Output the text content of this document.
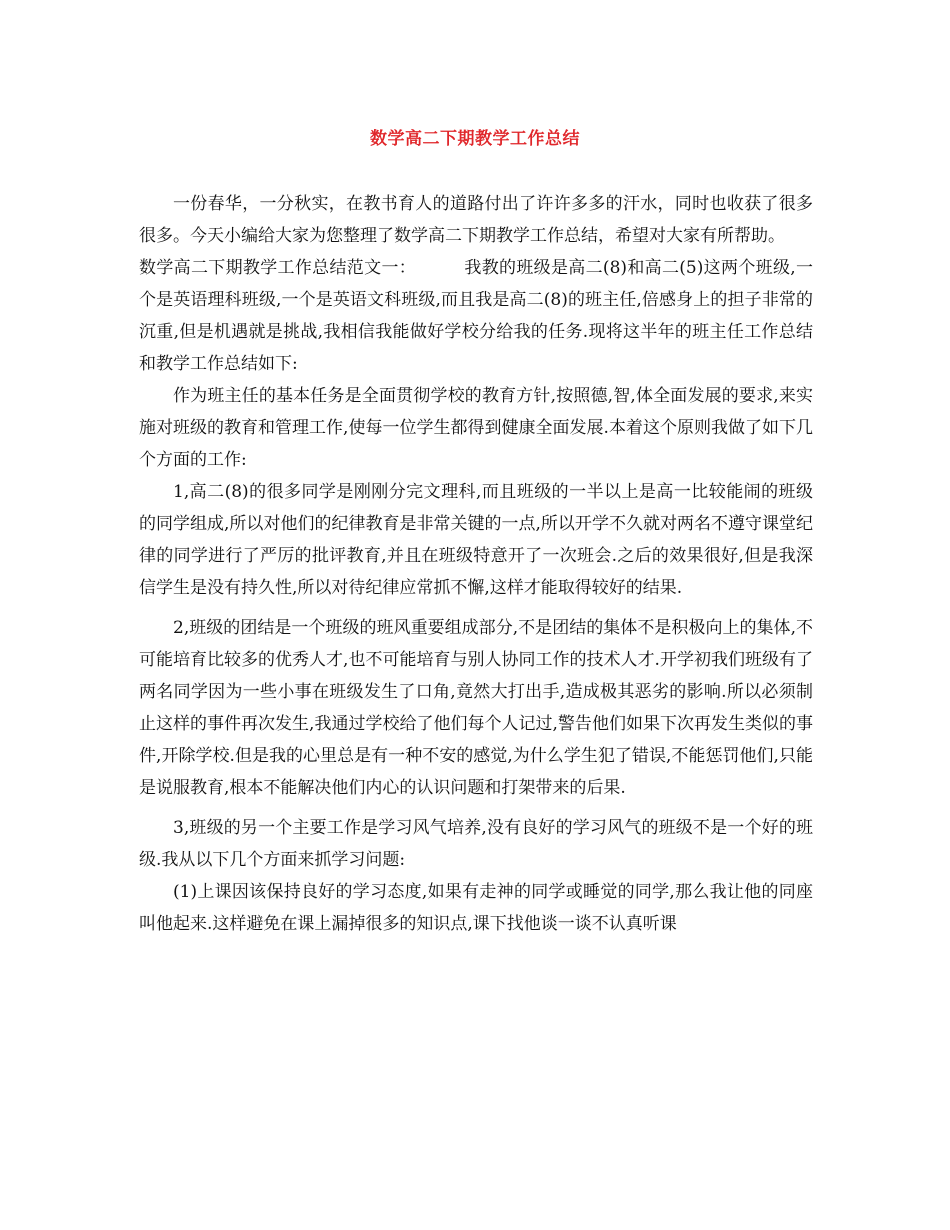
数学高二下期教学工作总结

一份春华，一分秋实，在教书育人的道路付出了许许多多的汗水，同时也收获了很多很多。今天小编给大家为您整理了数学高二下期教学工作总结，希望对大家有所帮助。

数学高二下期教学工作总结范文一：	我教的班级是高二(8)和高二(5)这两个班级,一个是英语理科班级,一个是英语文科班级,而且我是高二(8)的班主任,倍感身上的担子非常的沉重,但是机遇就是挑战,我相信我能做好学校分给我的任务.现将这半年的班主任工作总结和教学工作总结如下:

作为班主任的基本任务是全面贯彻学校的教育方针,按照德,智,体全面发展的要求,来实施对班级的教育和管理工作,使每一位学生都得到健康全面发展.本着这个原则我做了如下几个方面的工作:

1,高二(8)的很多同学是刚刚分完文理科,而且班级的一半以上是高一比较能闹的班级的同学组成,所以对他们的纪律教育是非常关键的一点,所以开学不久就对两名不遵守课堂纪律的同学进行了严厉的批评教育,并且在班级特意开了一次班会.之后的效果很好,但是我深信学生是没有持久性,所以对待纪律应常抓不懈,这样才能取得较好的结果.

2,班级的团结是一个班级的班风重要组成部分,不是团结的集体不是积极向上的集体,不可能培育比较多的优秀人才,也不可能培育与别人协同工作的技术人才.开学初我们班级有了两名同学因为一些小事在班级发生了口角,竟然大打出手,造成极其恶劣的影响.所以必须制止这样的事件再次发生,我通过学校给了他们每个人记过,警告他们如果下次再发生类似的事件,开除学校.但是我的心里总是有一种不安的感觉,为什么学生犯了错误,不能惩罚他们,只能是说服教育,根本不能解决他们内心的认识问题和打架带来的后果.

3,班级的另一个主要工作是学习风气培养,没有良好的学习风气的班级不是一个好的班级.我从以下几个方面来抓学习问题:

(1)上课因该保持良好的学习态度,如果有走神的同学或睡觉的同学,那么我让他的同座叫他起来.这样避免在课上漏掉很多的知识点,课下找他谈一谈不认真听课
